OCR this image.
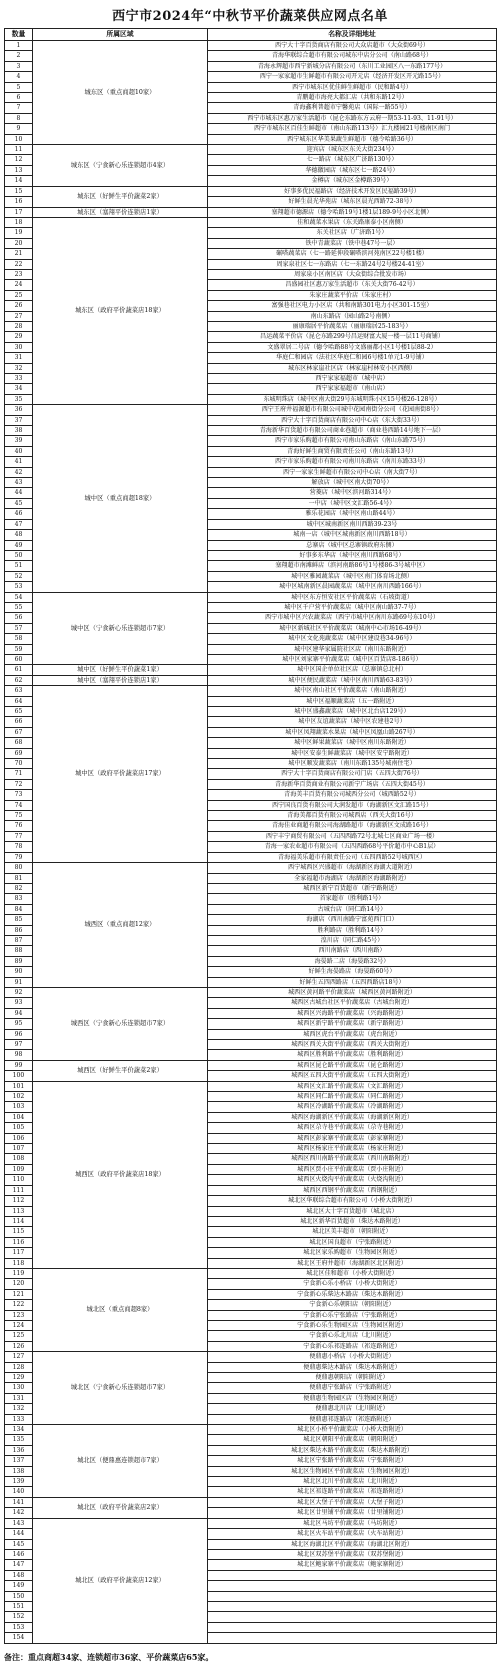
西宁市2024年“中秋节平价蔬菜供应网点名单
数量	所属区域	名称及详细地址
1	城东区（重点商超10家）	西宁大十字百货商店有限公司大众店超市（大众街69号）
2		青海华联综合超市有限公司城东中店分公司（南山路68号）
3		青海永辉超市西宁新城分店有限公司（东川工业园区八一东路177号）
4		西宁一家家超市生鲜超市有限公司开元店（经济开发区开元路15号）
5		西宁市城东区优佳鲜生鲜超市（民和路4号）
6		青鹏超市海亮大都汇店（共和东路12号）
7		青海鑫利普超市宁馨苑店（国际一路55号）
8		西宁市城东区惠万家生活超市（昆仑东路东方云府一期53-11-93、11-91号）
9		西宁市城东区百佳生鲜超市（南山东路113号）汇九楼园21号楼南区南门
10		西宁城东区华美果蔬生鲜超市（德令哈路36号）
11	城东区（宁食新心乐连锁超市4家）	迎宾店（城东区东关大街234号）
12		七一路店（城东区广济路130号）
13		华德徽园店（城东区七一路24号）
14		金樽店（城东区金樽路39号）
15	城东区（好鲜生平价蔬菜2家）	好事多优民福路店（经济技术开发区民福路39号）
16		好鲜生晨光华苑店（城东区晨光西路72-38号）
17	城东区（塞翔平价连锁店1家）	塞翔超市德源店（德令哈路19号1楼1层189-9号小区北侧）
18	城东区（政府平价蔬菜店18家）	佳和蔬菜水果店（东关路康泰小区南侧）
19		东关社区店（广济路1号）
20		铁中青蔬菜店（铁中巷47号一层）
21		碾嗒蔬菜店（七一路延伸段碾嗒滨河苑南区22号楼1楼）
22		周家泉社区七一东路店（七一东路24号2号楼24-41室）
23		周家泉小区南区店（大众街综合批发市场）
24		昌盛园社区惠万家生活超市（东关大街76-42号）
25		朱家庄蔬菜平价店（朱家庄村）
26		富强巷社区电力小区店（共和南路301电力小区301-15室）
27		南山东路店（园山路2号南侧）
28		丽康瑞居平价蔬菜店（丽康瑞居25-183号）
29		昌运蔬菜平价店（昆仑东路299号昌运财富大厦一楼一层11号商铺）
30		文盛翠居二号店（德令哈路88号文盛丽都小区1号楼1层88-2）
31		华庭仁和园店（法社区华庭仁和园6号楼1单元1-9号铺）
32		城东区林家崖社区店（林家崖村林安小区西侧）
33		西宁家家福超市（城中店）
34		西宁家家福超市（南山店）
35		东城明珠店（城中区南大街29号东城明珠小区15号楼26-128号）
36	城中区（重点商超18家）	西宁王府井福源超市有限公司城中花园南街分公司（花园南街8号）
37		西宁大十字百货商店有限公司中心店（东大街33号）
38		青海新华百货超市有限公司商业巷超市（商业巷西路14号地下一层）
39		西宁市家乐购超市有限公司南山东路店（南山东路75号）
40		青海好鲜生商贸有限责任公司（南山东路13号）
41		西宁市家乐购超市有限公司南川东路店（南川东路33号）
42		西宁一家家生鲜超市有限公司中心店（南大街7号）
43		解放店（城中区南大街70号）
44		营菱店（城中区滨河路314号）
45		一中店（城中区文汇路56-4号）
46		雅乐花园店（城中区南山路44号）
47		城中区城南新区南川西路39-23号
48		城南一店（城中区城南新区南川西路18号）
49		总寨店（城中区总寨镇政府东侧）
50		好事多东华店（城中区南川西路68号）
51		塞翔超市南滩鲜店（滨河南路86号1号楼86-3号城中区）
52		城中区雅园蔬菜店（城中区南门体育场北侧）
53		城中区城南新区晨园蔬菜店（城中区南川西路166号）
54	城中区（宁食新心乐连锁超市7家）	城中区东方恒安社区平价蔬菜店（石坡街道）
55		城中区千户营平价蔬菜店（城中区南山路37-7号）
56		西宁市城中区兴农蔬菜店（西宁市城中区南川东路69号东10号）
57		城中区新城社区平价蔬菜店（城南中心市场16-49号）
58		城中区文化苑蔬菜店（城中区建设巷34-96号）
59		城中区建华家属院社区店（南川东路附近）
60		城中区刘家寨平价蔬菜店（城中区百货店8-186号）
61	城中区（好鲜生平价蔬菜1家）	城中区国企单位社区店（总寨镇总北村）
62	城中区（塞翔平价连锁店1家）	城中区便民蔬菜店（城中区南川西路63-83号）
63	城中区（政府平价蔬菜店17家）	城中区南山社区平价蔬菜店（南山路附近）
64		城中区福顺蔬菜店（五一路附近）
65		城中区盛鑫蔬菜店（城中区北台店129号）
66		城中区友谊蔬菜店（城中区农建巷2号）
67		城中区凤翔蔬菜水果店（城中区凤凰山路267号）
68		城中区鲜果蔬菜店（城中区南川东路附近）
69		城中区安泰生鲜蔬菜店（城中区安宁路附近）
70		城中区顺发蔬菜店（南川东路135号城南住宅）
71		西宁大十字百货商店有限公司门店（五四大街76号）
72		青海新华百货商业有限公司新宁广场店（五四大街45号）
73		青海美丰百货有限公司城西分公司（城西路52号）
74		西宁国良百货有限公司大润发超市（海湖新区文汇路15号）
75		青海美都百货有限公司城西店（西关大街16号）
76		青海佳业商超有限公司海湖路超市（海湖新区文成路16号）
77		西宁丰宁商贸有限公司（五四西路72号北城七区商业广场一楼）
78		青海一家农业超市有限公司（五四西路68号平价超市中心B1层）
79		青海福美乐超市有限责任公司（五四西路52号城西区）
80	城西区（重点商超12家）	西宁城西区兴盛超市（海湖新区海湖大道附近）
81		全家福超市海湖店（海湖新区海湖路附近）
82		城西区新宁百货超市（新宁路附近）
83		首家超市（胜利路1号）
84		古城台店（同仁路14号）
85		海湖店（西川南路宁富苑西门口）
86		胜利路店（胜利路14号）
87		湟川店（同仁路45号）
88		西川南路店（西川南路）
89		海晏路二店（海晏路32号）
90		好鲜生海晏路店（海晏路60号）
91		好鲜生五四西路店（五四西路店18号）
92	城西区（宁食新心乐连锁超市7家）	城西区黄河路平价蔬菜店（城西区黄河路附近）
93		城西区古城台社区平价蔬菜店（古城台附近）
94		城西区兴海路平价蔬菜店（兴海路附近）
95		城西区新宁路平价蔬菜店（新宁路附近）
96		城西区虎台平价蔬菜店（虎台附近）
97		城西区西关大街平价蔬菜店（西关大街附近）
98		城西区胜利路平价蔬菜店（胜利路附近）
99	城西区（好鲜生平价蔬菜2家）	城西区昆仑路平价蔬菜店（昆仑路附近）
100		城西区五四大街平价蔬菜店（五四大街附近）
101	城西区（政府平价蔬菜店18家）	城西区文汇路平价蔬菜店（文汇路附近）
102		城西区同仁路平价蔬菜店（同仁路附近）
103		城西区冷湖路平价蔬菜店（冷湖路附近）
104		城西区海湖新区平价蔬菜店（海湖新区附近）
105		城西区尕寺巷平价蔬菜店（尕寺巷附近）
106		城西区彭家寨平价蔬菜店（彭家寨附近）
107		城西区杨家庄平价蔬菜店（杨家庄附近）
108		城西区西川南路平价蔬菜店（西川南路附近）
109		城西区贾小庄平价蔬菜店（贾小庄附近）
110		城西区火烧沟平价蔬菜店（火烧沟附近）
111		城西区西钢平价蔬菜店（西钢附近）
112		城北区华联综合超市有限公司（小桥大街附近）
113		城北区大十字百货超市（城北店）
114		城北区新华百货超市（柴达木路附近）
115		城北区美丰超市（朝阳附近）
116		城北区国良超市（宁张路附近）
117		城北区家乐购超市（生物园区附近）
118		城北区王府井超市（海湖新区北区附近）
119	城北区（重点商超8家）	城北区佳和超市（小桥大街附近）
120		宁食新心乐小桥店（小桥大街附近）
121		宁食新心乐柴达木路店（柴达木路附近）
122		宁食新心乐朝阳店（朝阳附近）
123		宁食新心乐宁张路店（宁张路附近）
124		宁食新心乐生物园区店（生物园区附近）
125		宁食新心乐北川店（北川附近）
126		宁食新心乐祁连路店（祁连路附近）
127	城北区（宁食新心乐连锁超市7家）	便鼎惠小桥店（小桥大街附近）
128		便鼎惠柴达木路店（柴达木路附近）
129		便鼎惠朝阳店（朝阳附近）
130		便鼎惠宁张路店（宁张路附近）
131		便鼎惠生物园区店（生物园区附近）
132		便鼎惠北川店（北川附近）
133		便鼎惠祁连路店（祁连路附近）
134	城北区（便鼎惠连锁超市7家）	城北区小桥平价蔬菜店（小桥大街附近）
135		城北区朝阳平价蔬菜店（朝阳附近）
136		城北区柴达木路平价蔬菜店（柴达木路附近）
137		城北区宁张路平价蔬菜店（宁张路附近）
138		城北区生物园区平价蔬菜店（生物园区附近）
139		城北区北川平价蔬菜店（北川附近）
140		城北区祁连路平价蔬菜店（祁连路附近）
141	城北区（政府平价蔬菜店2家）	城北区大堡子平价蔬菜店（大堡子附近）
142		城北区廿里铺平价蔬菜店（廿里铺附近）
143	城北区（政府平价蔬菜店12家）	城北区马坊平价蔬菜店（马坊附近）
144		城北区火车站平价蔬菜店（火车站附近）
145		城北区海湖北区平价蔬菜店（海湖北区附近）
146		城北区双苏堡平价蔬菜店（双苏堡附近）
147		城北区鲍家寨平价蔬菜店（鲍家寨附近）
148		
149		
150		
151		
152		
153		
154		
备注：重点商超34家、连锁超市36家、平价蔬菜店65家。
